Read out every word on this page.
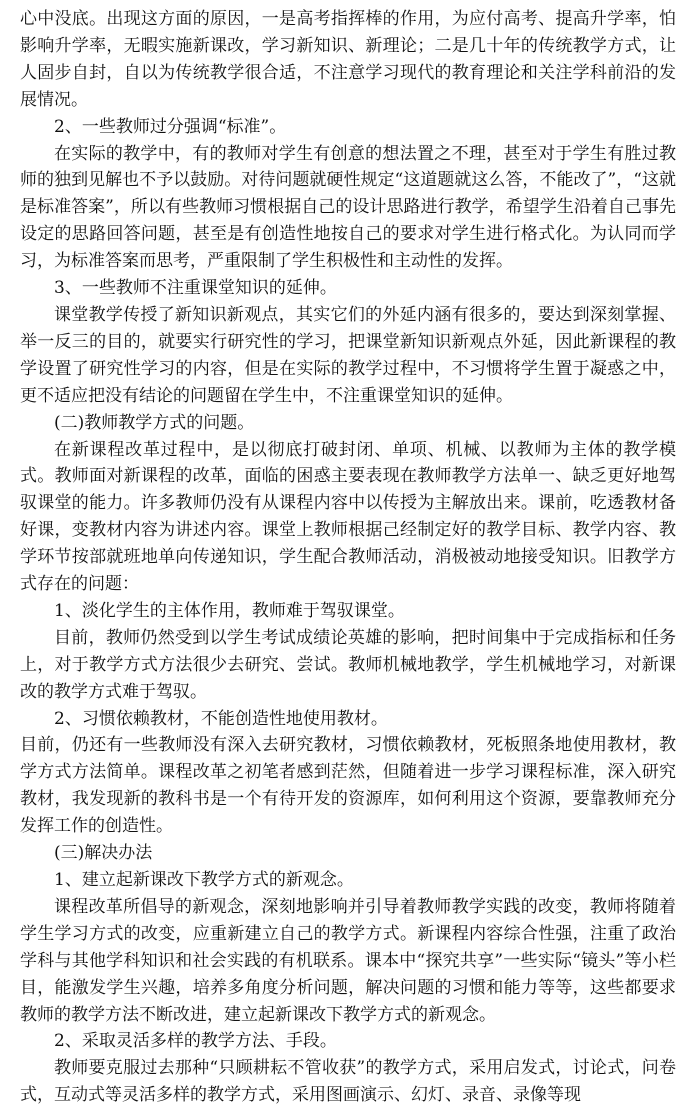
心中没底。出现这方面的原因，一是高考指挥棒的作用，为应付高考、提高升学率，怕影响升学率，无暇实施新课改，学习新知识、新理论；二是几十年的传统教学方式，让人固步自封，自以为传统教学很合适，不注意学习现代的教育理论和关注学科前沿的发展情况。

2、一些教师过分强调“标准”。

在实际的教学中，有的教师对学生有创意的想法置之不理，甚至对于学生有胜过教师的独到见解也不予以鼓励。对待问题就硬性规定“这道题就这么答，不能改了”，“这就是标准答案”，所以有些教师习惯根据自己的设计思路进行教学，希望学生沿着自己事先设定的思路回答问题，甚至是有创造性地按自己的要求对学生进行格式化。为认同而学习，为标准答案而思考，严重限制了学生积极性和主动性的发挥。

3、一些教师不注重课堂知识的延伸。

课堂教学传授了新知识新观点，其实它们的外延内涵有很多的，要达到深刻掌握、举一反三的目的，就要实行研究性的学习，把课堂新知识新观点外延，因此新课程的教学设置了研究性学习的内容，但是在实际的教学过程中，不习惯将学生置于凝惑之中，更不适应把没有结论的问题留在学生中，不注重课堂知识的延伸。

(二)教师教学方式的问题。

在新课程改革过程中，是以彻底打破封闭、单项、机械、以教师为主体的教学模式。教师面对新课程的改革，面临的困惑主要表现在教师教学方法单一、缺乏更好地驾驭课堂的能力。许多教师仍没有从课程内容中以传授为主解放出来。课前，吃透教材备好课，变教材内容为讲述内容。课堂上教师根据己经制定好的教学目标、教学内容、教学环节按部就班地单向传递知识，学生配合教师活动，消极被动地接受知识。旧教学方式存在的问题：

1、淡化学生的主体作用，教师难于驾驭课堂。

目前，教师仍然受到以学生考试成绩论英雄的影响，把时间集中于完成指标和任务上，对于教学方式方法很少去研究、尝试。教师机械地教学，学生机械地学习，对新课改的教学方式难于驾驭。

2、习惯依赖教材，不能创造性地使用教材。

目前，仍还有一些教师没有深入去研究教材，习惯依赖教材，死板照条地使用教材，教学方式方法简单。课程改革之初笔者感到茫然，但随着进一步学习课程标准，深入研究教材，我发现新的教科书是一个有待开发的资源库，如何利用这个资源，要靠教师充分发挥工作的创造性。

(三)解决办法

1、建立起新课改下教学方式的新观念。

课程改革所倡导的新观念，深刻地影响并引导着教师教学实践的改变，教师将随着学生学习方式的改变，应重新建立自己的教学方式。新课程内容综合性强，注重了政治学科与其他学科知识和社会实践的有机联系。课本中“探究共享”一些实际“镜头”等小栏目，能激发学生兴趣，培养多角度分析问题，解决问题的习惯和能力等等，这些都要求教师的教学方法不断改进，建立起新课改下教学方式的新观念。

2、采取灵活多样的教学方法、手段。

教师要克服过去那种“只顾耕耘不管收获”的教学方式，采用启发式，讨论式，问卷式，互动式等灵活多样的教学方式，采用图画演示、幻灯、录音、录像等现
